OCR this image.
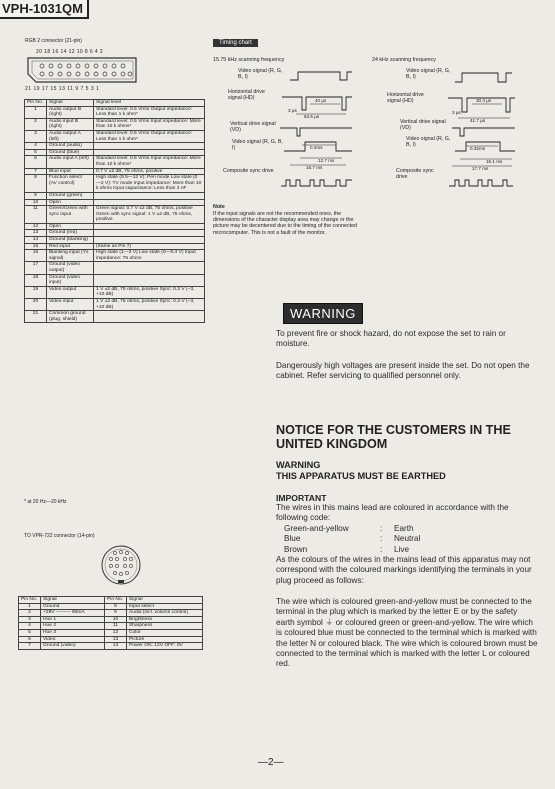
VPH-1031QM
RGB 2 connector (21-pin)
20 18 16 14 12 10 8 6 4 2
21 19 17 15 13 11 9 7 5 3 1
Pin No.	Signal	Signal level
1	Audio output B (right)	Standard level: 0.5 Vrms Output impedance: Less than 1 k ohm*
2	Audio input B (right)	Standard level: 0.5 Vrms Input impedance: More than 10 k ohms*
3	Audio output A (left)	Standard level: 0.5 Vrms Output impedance: Less than 1 k ohm*
4	Ground (audio)	
5	Ground (blue)	
6	Audio input A (left)	Standard level: 0.5 Vrms Input impedance: More than 10 k ohms*
7	Blue input	0.7 V ±2 dB, 75 ohms, positive
8	Function select (AV control)	High state (9.5—12 V): Peri mode Low state (0—2 V): TV mode Input impedance: More than 10 k ohms Input capacitance: Less than 2 nF
9	Ground (green)	
10	Open	
11	Green/Green with sync input	Green signal: 0.7 V ±2 dB, 75 ohms, positive Green with sync signal: 1 V ±2 dB, 75 ohms, positive
12	Open	
13	Ground (red)	
14	Ground (blanking)	
15	Red input	(Same as Pin 7)
16	Blanking input (Ys signal)	High state (1—3 V) Low state (0—0.4 V) Input impedance: 75 ohms
17	Ground (video output)	
18	Ground (video input)	
19	Video output	1 V ±2 dB, 75 ohms, positive Sync: 0.3 V (−3, +10 dB)
20	Video input	1 V ±2 dB, 75 ohms, positive Sync: 0.3 V (−3, +10 dB)
21	Common ground (plug, shield)	
* at 20 Hz—20 kHz
TO VPR-722 connector (14-pin)
Pin No.	Signal	Pin No.	Signal
1	Ground	8	Input select
2	+28V ——— 60mA	9	Audio (incl. volume control)
3	Hue 1	10	Brightness
4	Hue 2	11	Sharpness
5	Hue 3	12	Color
6	Video	13	Picture
7	Ground (video)	14	Power ON: 12V OFF: 0V
Timing chart
15.75 kHz scanning frequency	24 kHz scanning frequency
Video signal (R, G, B, I)
Horizontal drive signal (HD)
Vertical drive signal (VD)
Video signal (R, G, B, I)
Composite sync drive
Video signal (R, G, B, I)
Horizontal drive signal (HD)
Vertical drive signal (VD)
Video signal (R, G, B, I)
Composite sync drive
40 µs
3 µs
63.5 µs
0.2ms
12.7 ms
16.7 ms
30.4 µs
3 µs
41.7 µs
0.32ms
16.1 ms
17.7 ms
Note
If the input signals are not the recommended ones, the dimensions of the character display area may change or the picture may be decentered due to the timing of the connected microcomputer. This is not a fault of the monitor.
WARNING
To prevent fire or shock hazard, do not expose the set to rain or moisture.
Dangerously high voltages are present inside the set. Do not open the cabinet. Refer servicing to qualified personnel only.
NOTICE FOR THE CUSTOMERS IN THE UNITED KINGDOM
WARNING
THIS APPARATUS MUST BE EARTHED
IMPORTANT
The wires in this mains lead are coloured in accordance with the following code:
Green-and-yellow	:	Earth
Blue	:	Neutral
Brown	:	Live
As the colours of the wires in the mains lead of this apparatus may not correspond with the coloured markings identifying the terminals in your plug proceed as follows:
The wire which is coloured green-and-yellow must be connected to the terminal in the plug which is marked by the letter E or by the safety earth symbol ⏚ or coloured green or green-and-yellow. The wire which is coloured blue must be connected to the terminal which is marked with the letter N or coloured black. The wire which is coloured brown must be connected to the terminal which is marked with the letter L or coloured red.
—2—
